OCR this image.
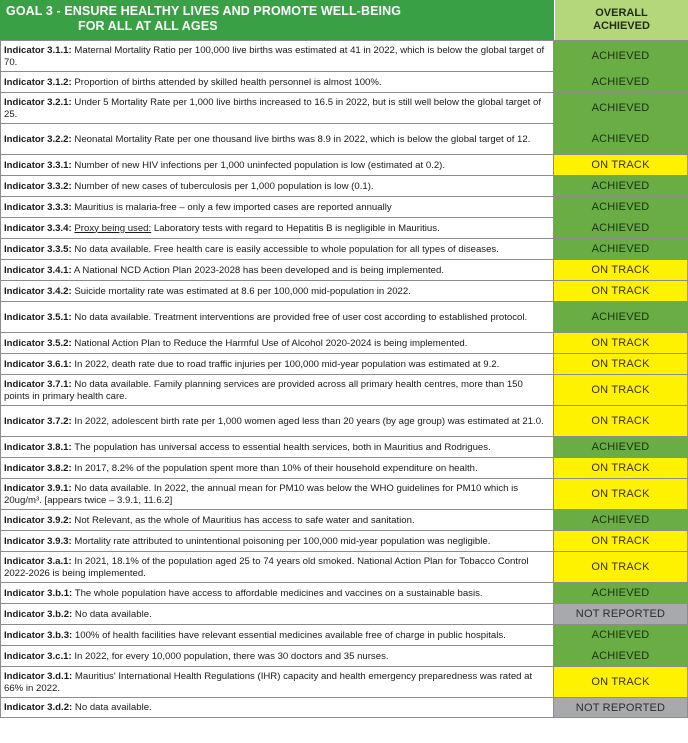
GOAL 3 - ENSURE HEALTHY LIVES AND PROMOTE WELL-BEING
FOR ALL AT ALL AGES
OVERALL
ACHIEVED
Indicator 3.1.1: Maternal Mortality Ratio per 100,000 live births was estimated at 41 in 2022, which is below the global target of 70.	ACHIEVED
Indicator 3.1.2: Proportion of births attended by skilled health personnel is almost 100%.	ACHIEVED
Indicator 3.2.1: Under 5 Mortality Rate per 1,000 live births increased to 16.5 in 2022, but is still well below the global target of 25.	ACHIEVED
Indicator 3.2.2: Neonatal Mortality Rate per one thousand live births was 8.9 in 2022, which is below the global target of 12.	ACHIEVED
Indicator 3.3.1: Number of new HIV infections per 1,000 uninfected population is low (estimated at 0.2).	ON TRACK
Indicator 3.3.2: Number of new cases of tuberculosis per 1,000 population is low (0.1).	ACHIEVED
Indicator 3.3.3: Mauritius is malaria-free – only a few imported cases are reported annually	ACHIEVED
Indicator 3.3.4: Proxy being used: Laboratory tests with regard to Hepatitis B is negligible in Mauritius.	ACHIEVED
Indicator 3.3.5: No data available. Free health care is easily accessible to whole population for all types of diseases.	ACHIEVED
Indicator 3.4.1: A National NCD Action Plan 2023-2028 has been developed and is being implemented.	ON TRACK
Indicator 3.4.2: Suicide mortality rate was estimated at 8.6 per 100,000 mid-population in 2022.	ON TRACK
Indicator 3.5.1: No data available. Treatment interventions are provided free of user cost according to established protocol.	ACHIEVED
Indicator 3.5.2: National Action Plan to Reduce the Harmful Use of Alcohol 2020-2024 is being implemented.	ON TRACK
Indicator 3.6.1: In 2022, death rate due to road traffic injuries per 100,000 mid-year population was estimated at 9.2.	ON TRACK
Indicator 3.7.1: No data available. Family planning services are provided across all primary health centres, more than 150 points in primary health care.	ON TRACK
Indicator 3.7.2: In 2022, adolescent birth rate per 1,000 women aged less than 20 years (by age group) was estimated at 21.0.	ON TRACK
Indicator 3.8.1: The population has universal access to essential health services, both in Mauritius and Rodrigues.	ACHIEVED
Indicator 3.8.2: In 2017, 8.2% of the population spent more than 10% of their household expenditure on health.	ON TRACK
Indicator 3.9.1: No data available. In 2022, the annual mean for PM10 was below the WHO guidelines for PM10 which is 20ug/m³. [appears twice – 3.9.1, 11.6.2]	ON TRACK
Indicator 3.9.2: Not Relevant, as the whole of Mauritius has access to safe water and sanitation.	ACHIEVED
Indicator 3.9.3: Mortality rate attributed to unintentional poisoning per 100,000 mid-year population was negligible.	ON TRACK
Indicator 3.a.1: In 2021, 18.1% of the population aged 25 to 74 years old smoked. National Action Plan for Tobacco Control 2022-2026 is being implemented.	ON TRACK
Indicator 3.b.1: The whole population have access to affordable medicines and vaccines on a sustainable basis.	ACHIEVED
Indicator 3.b.2: No data available.	NOT REPORTED
Indicator 3.b.3: 100% of health facilities have relevant essential medicines available free of charge in public hospitals.	ACHIEVED
Indicator 3.c.1: In 2022, for every 10,000 population, there was 30 doctors and 35 nurses.	ACHIEVED
Indicator 3.d.1: Mauritius' International Health Regulations (IHR) capacity and health emergency preparedness was rated at 66% in 2022.	ON TRACK
Indicator 3.d.2: No data available.	NOT REPORTED
